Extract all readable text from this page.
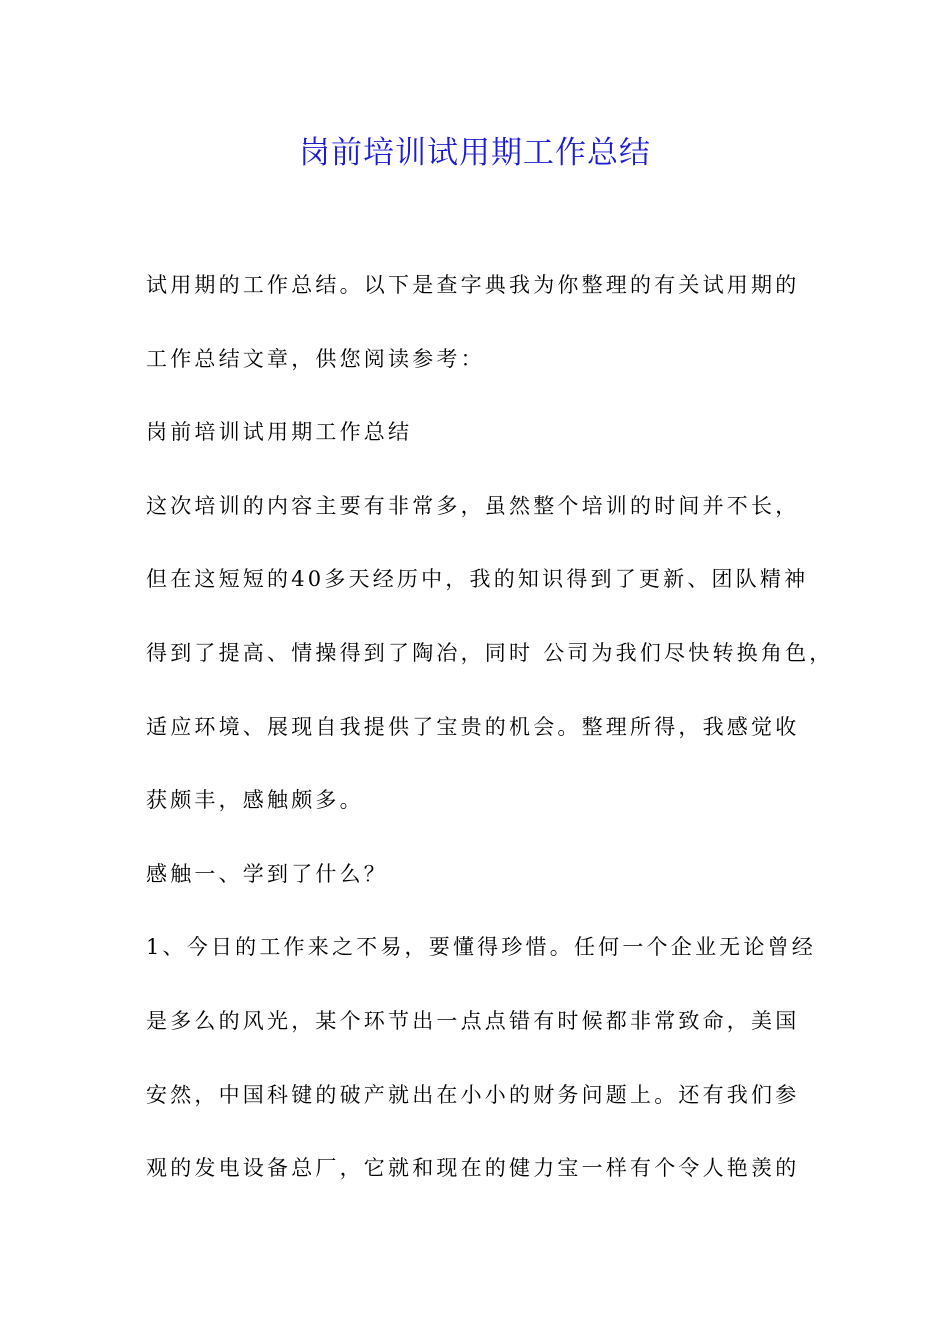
岗前培训试用期工作总结
试用期的工作总结。以下是查字典我为你整理的有关试用期的
工作总结文章，供您阅读参考：
岗前培训试用期工作总结
这次培训的内容主要有非常多，虽然整个培训的时间并不长，
但在这短短的40多天经历中，我的知识得到了更新、团队精神
得到了提高、情操得到了陶冶，同时 公司为我们尽快转换角色，
适应环境、展现自我提供了宝贵的机会。整理所得，我感觉收
获颇丰，感触颇多。
感触一、学到了什么？
1、今日的工作来之不易，要懂得珍惜。任何一个企业无论曾经
是多么的风光，某个环节出一点点错有时候都非常致命，美国
安然，中国科键的破产就出在小小的财务问题上。还有我们参
观的发电设备总厂，它就和现在的健力宝一样有个令人艳羡的
